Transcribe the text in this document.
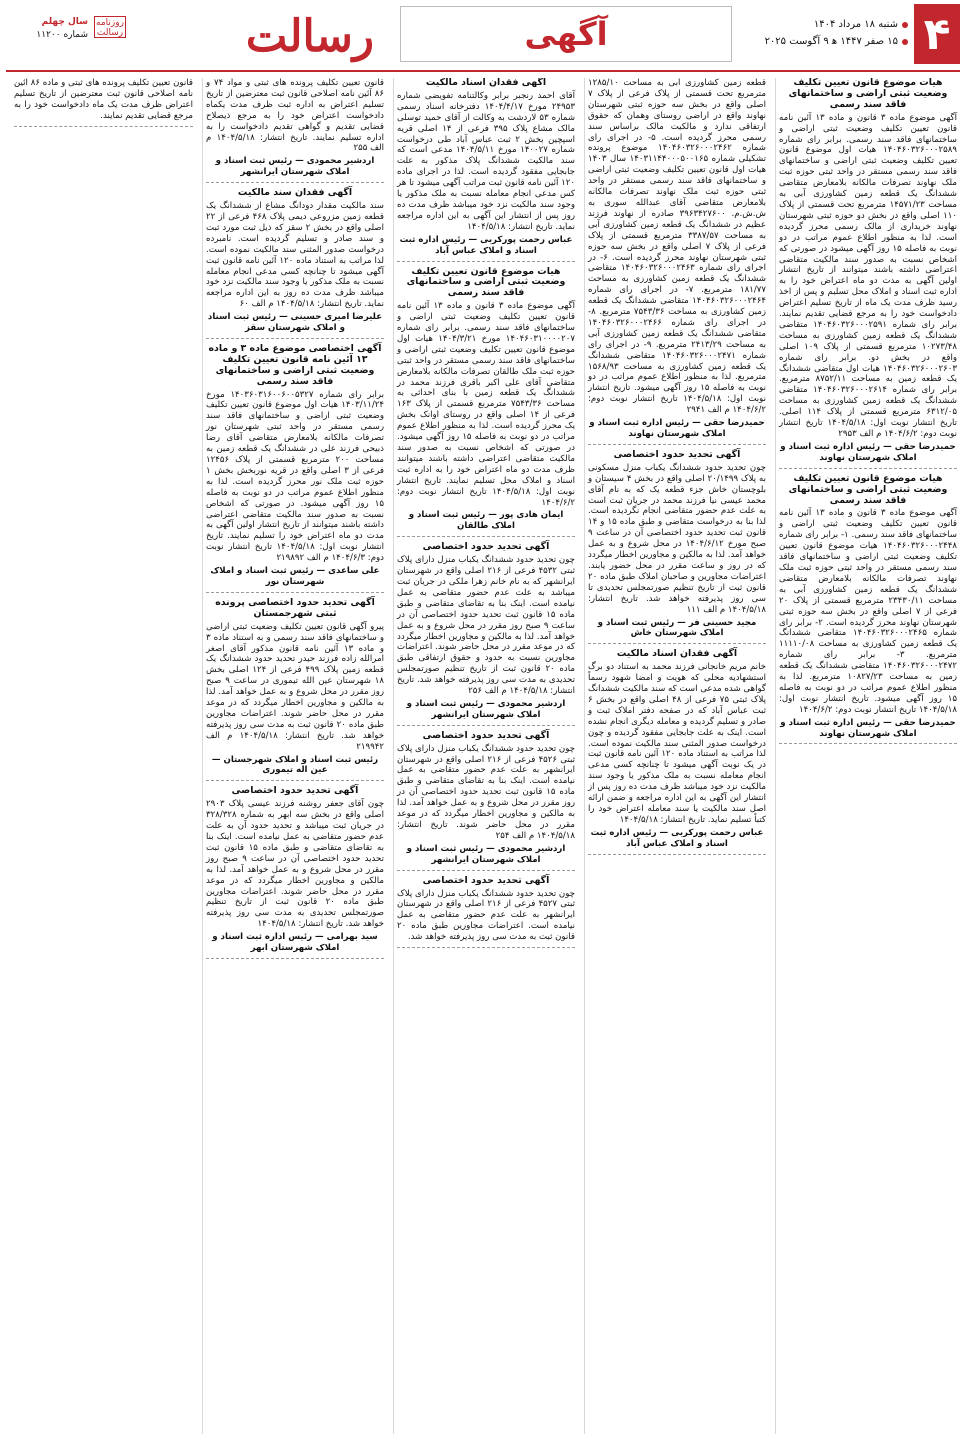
روزنامه رسالت
سال چهلم
شماره ۱۱۲۰۰	رسالت	آگهی	شنبه ۱۸ مرداد ۱۴۰۴
۱۵ صفر ۱۴۴۷ ﻫ ۹ آگوست ۲۰۲۵ ۴
هیات موضوع قانون تعیین تکلیف وضعیت ثبتی اراضی و ساختمانهای فاقد سند رسمی

آگهی موضوع ماده ۳ قانون و ماده ۱۳ آئین نامه قانون تعیین تکلیف وضعیت ثبتی اراضی و ساختمانهای فاقد سند رسمی. برابر رای شماره ۱۴۰۴۶۰۳۲۶۰۰۰۲۵۸۹ هیات اول موضوع قانون تعیین تکلیف وضعیت ثبتی اراضی و ساختمانهای فاقد سند رسمی مستقر در واحد ثبتی حوزه ثبت ملک نهاوند تصرفات مالکانه بلامعارض متقاضی ششدانگ یک قطعه زمین کشاورزی آبی به مساحت ۱۴۵۷۱/۲۳ مترمربع تحت قسمتی از پلاک ۱۱۰ اصلی واقع در بخش دو حوزه ثبتی شهرستان نهاوند خریداری از مالک رسمی محرز گردیده است. لذا به منظور اطلاع عموم مراتب در دو نوبت به فاصله ۱۵ روز آگهی میشود در صورتی که اشخاص نسبت به صدور سند مالکیت متقاضی اعتراضی داشته باشند میتوانند از تاریخ انتشار اولین آگهی به مدت دو ماه اعتراض خود را به اداره ثبت اسناد و املاک محل تسلیم و پس از اخذ رسید ظرف مدت یک ماه از تاریخ تسلیم اعتراض دادخواست خود را به مرجع قضایی تقدیم نمایند. برابر رای شماره ۱۴۰۴۶۰۳۲۶۰۰۰۲۵۹۱ متقاضی ششدانگ یک قطعه زمین کشاورزی به مساحت ۱۰۲۷۳/۴۸ مترمربع قسمتی از پلاک ۱۰۹ اصلی واقع در بخش دو. برابر رای شماره ۱۴۰۴۶۰۳۲۶۰۰۰۲۶۰۳ هیات اول متقاضی ششدانگ یک قطعه زمین به مساحت ۸۷۵۲/۱۱ مترمربع. برابر رای شماره ۱۴۰۴۶۰۳۲۶۰۰۰۲۶۱۴ متقاضی ششدانگ یک قطعه زمین کشاورزی به مساحت ۶۳۱۲/۰۵ مترمربع قسمتی از پلاک ۱۱۴ اصلی. تاریخ انتشار نوبت اول: ۱۴۰۴/۵/۱۸ تاریخ انتشار نوبت دوم: ۱۴۰۴/۶/۲ م الف ۲۹۵۳

حمیدرضا حقی — رئیس اداره ثبت اسناد و املاک شهرستان نهاوند
هیات موضوع قانون تعیین تکلیف وضعیت ثبتی اراضی و ساختمانهای فاقد سند رسمی

آگهی موضوع ماده ۳ قانون و ماده ۱۳ آئین نامه قانون تعیین تکلیف وضعیت ثبتی اراضی و ساختمانهای فاقد سند رسمی. ۱- برابر رای شماره ۱۴۰۴۶۰۳۲۶۰۰۰۲۴۴۸ هیات موضوع قانون تعیین تکلیف وضعیت ثبتی اراضی و ساختمانهای فاقد سند رسمی مستقر در واحد ثبتی حوزه ثبت ملک نهاوند تصرفات مالکانه بلامعارض متقاضی ششدانگ یک قطعه زمین کشاورزی آبی به مساحت ۲۳۴۳۰/۱۱ مترمربع قسمتی از پلاک ۲۰ فرعی از ۷ اصلی واقع در بخش سه حوزه ثبتی شهرستان نهاوند محرز گردیده است. ۲- برابر رای شماره ۱۴۰۴۶۰۳۲۶۰۰۰۲۴۶۵ متقاضی ششدانگ یک قطعه زمین کشاورزی به مساحت ۱۱۱۱۰/۰۸ مترمربع. ۳- برابر رای شماره ۱۴۰۴۶۰۳۲۶۰۰۰۲۴۷۲ متقاضی ششدانگ یک قطعه زمین به مساحت ۱۰۸۲۷/۲۳ مترمربع. لذا به منظور اطلاع عموم مراتب در دو نوبت به فاصله ۱۵ روز آگهی میشود. تاریخ انتشار نوبت اول: ۱۴۰۴/۵/۱۸ تاریخ انتشار نوبت دوم: ۱۴۰۴/۶/۲

حمیدرضا حقی — رئیس اداره ثبت اسناد و املاک شهرستان نهاوند

قطعه زمین کشاورزی آبی به مساحت ۱۲۸۵/۱۰ مترمربع تحت قسمتی از پلاک فرعی از پلاک ۷ اصلی واقع در بخش سه حوزه ثبتی شهرستان نهاوند واقع در اراضی روستای وهمان که حقوق ارتفاقی ندارد و مالکیت مالک براساس سند رسمی محرز گردیده است. ۵- در اجرای رای شماره ۱۴۰۴۶۰۳۲۶۰۰۰۲۴۶۲ موضوع پرونده تشکیلی شماره ۱۴۰۳۱۱۴۴۰۰۰۵۰۰۱۶۵ سال ۱۴۰۳ هیات اول قانون تعیین تکلیف وضعیت ثبتی اراضی و ساختمانهای فاقد سند رسمی مستقر در واحد ثبتی حوزه ثبت ملک نهاوند تصرفات مالکانه بلامعارض متقاضی آقای عبدالله سوری به ش.ش.م. ۳۹۶۳۴۲۷۶۰۰ صادره از نهاوند فرزند عظیم در ششدانگ یک قطعه زمین کشاورزی آبی به مساحت ۳۳۸۷/۵۷ مترمربع قسمتی از پلاک فرعی از پلاک ۷ اصلی واقع در بخش سه حوزه ثبتی شهرستان نهاوند محرز گردیده است. ۶- در اجرای رای شماره ۱۴۰۴۶۰۳۲۶۰۰۰۲۴۶۳ متقاضی ششدانگ یک قطعه زمین کشاورزی به مساحت ۱۸۱/۷۷ مترمربع. ۷- در اجرای رای شماره ۱۴۰۴۶۰۳۲۶۰۰۰۲۴۶۴ متقاضی ششدانگ یک قطعه زمین کشاورزی به مساحت ۷۵۴۳/۳۶ مترمربع. ۸- در اجرای رای شماره ۱۴۰۴۶۰۳۲۶۰۰۰۲۴۶۶ متقاضی ششدانگ یک قطعه زمین کشاورزی آبی به مساحت ۲۴۱۳/۲۹ مترمربع. ۹- در اجرای رای شماره ۱۴۰۴۶۰۳۲۶۰۰۰۲۴۷۱ متقاضی ششدانگ یک قطعه زمین کشاورزی به مساحت ۱۵۶۸/۹۳ مترمربع. لذا به منظور اطلاع عموم مراتب در دو نوبت به فاصله ۱۵ روز آگهی میشود. تاریخ انتشار نوبت اول: ۱۴۰۴/۵/۱۸ تاریخ انتشار نوبت دوم: ۱۴۰۴/۶/۲ م الف ۲۹۴۱

حمیدرضا حقی — رئیس اداره ثبت اسناد و املاک شهرستان نهاوند
آگهی تحدید حدود اختصاصی

چون تحدید حدود ششدانگ یکباب منزل مسکونی به پلاک ۲۰/۱۴۹۹ اصلی واقع در بخش ۴ سیستان و بلوچستان خاش جزء قطعه یک که به نام آقای محمد عیسی نیا فرزند محمد در جریان ثبت است به علت عدم حضور متقاضی انجام نگردیده است. لذا بنا به درخواست متقاضی و طبق ماده ۱۵ و ۱۴ قانون ثبت تحدید حدود اختصاصی آن در ساعت ۹ صبح مورخ ۱۴۰۴/۶/۱۲ در محل شروع و به عمل خواهد آمد. لذا به مالکین و مجاورین اخطار میگردد که در روز و ساعت مقرر در محل حضور یابند. اعتراضات مجاورین و صاحبان املاک طبق ماده ۲۰ قانون ثبت از تاریخ تنظیم صورتمجلس تحدیدی تا سی روز پذیرفته خواهد شد. تاریخ انتشار: ۱۴۰۴/۵/۱۸ م الف ۱۱۱

مجید حسینی فر — رئیس ثبت اسناد و املاک شهرستان خاش
آگهی فقدان اسناد مالکیت

خانم مریم خانجانی فرزند محمد به استناد دو برگ استشهادیه محلی که هویت و امضا شهود رسماً گواهی شده مدعی است که سند مالکیت ششدانگ پلاک ثبتی ۷۵ فرعی از ۴۸ اصلی واقع در بخش ۶ ثبت عباس آباد که در صفحه دفتر املاک ثبت و صادر و تسلیم گردیده و معامله دیگری انجام نشده است. اینک به علت جابجایی مفقود گردیده و چون درخواست صدور المثنی سند مالکیت نموده است. لذا مراتب به استناد ماده ۱۲۰ آئین نامه قانون ثبت در یک نوبت آگهی میشود تا چنانچه کسی مدعی انجام معامله نسبت به ملک مذکور یا وجود سند مالکیت نزد خود میباشد ظرف مدت ده روز پس از انتشار این آگهی به این اداره مراجعه و ضمن ارائه اصل سند مالکیت یا سند معامله اعتراض خود را کتباً تسلیم نماید. تاریخ انتشار: ۱۴۰۴/۵/۱۸

عباس رحمت پورکربی — رئیس اداره ثبت اسناد و املاک عباس آباد
آگهی فقدان اسناد مالکیت

آقای احمد رنجبر برابر وکالتنامه تفویضی شماره ۲۴۹۵۳ مورخ ۱۴۰۴/۴/۱۷ دفترخانه اسناد رسمی شماره ۵۳ لاردشت به وکالت از آقای حمید توسلی مالک مشاع پلاک ۳۹۵ فرعی از ۱۴ اصلی قریه اسپچین بخش ۲ ثبت عباس آباد طی درخواست شماره ۱۴۰۰۲۷ مورخ ۱۴۰۴/۵/۱۱ مدعی است که سند مالکیت ششدانگ پلاک مذکور به علت جابجایی مفقود گردیده است. لذا در اجرای ماده ۱۲۰ آئین نامه قانون ثبت مراتب آگهی میشود تا هر کس مدعی انجام معامله نسبت به ملک مذکور یا وجود سند مالکیت نزد خود میباشد ظرف مدت ده روز پس از انتشار این آگهی به این اداره مراجعه نماید. تاریخ انتشار: ۱۴۰۴/۵/۱۸

عباس رحمت پورکربی — رئیس اداره ثبت اسناد و املاک عباس آباد
هیات موضوع قانون تعیین تکلیف وضعیت ثبتی اراضی و ساختمانهای فاقد سند رسمی

آگهی موضوع ماده ۳ قانون و ماده ۱۳ آئین نامه قانون تعیین تکلیف وضعیت ثبتی اراضی و ساختمانهای فاقد سند رسمی. برابر رای شماره ۱۴۰۴۶۰۳۱۰۰۰۰۲۰۷ مورخ ۱۴۰۴/۳/۲۱ هیات اول موضوع قانون تعیین تکلیف وضعیت ثبتی اراضی و ساختمانهای فاقد سند رسمی مستقر در واحد ثبتی حوزه ثبت ملک طالقان تصرفات مالکانه بلامعارض متقاضی آقای علی اکبر باقری فرزند محمد در ششدانگ یک قطعه زمین با بنای احداثی به مساحت ۷۵۴۳/۳۶ مترمربع قسمتی از پلاک ۱۶۳ فرعی از ۱۴ اصلی واقع در روستای اوانک بخش یک محرز گردیده است. لذا به منظور اطلاع عموم مراتب در دو نوبت به فاصله ۱۵ روز آگهی میشود. در صورتی که اشخاص نسبت به صدور سند مالکیت متقاضی اعتراضی داشته باشند میتوانند ظرف مدت دو ماه اعتراض خود را به اداره ثبت اسناد و املاک محل تسلیم نمایند. تاریخ انتشار نوبت اول: ۱۴۰۴/۵/۱۸ تاریخ انتشار نوبت دوم: ۱۴۰۴/۶/۲

ایمان هادی پور — رئیس ثبت اسناد و املاک طالقان
آگهی تحدید حدود اختصاصی

چون تحدید حدود ششدانگ یکباب منزل دارای پلاک ثبتی ۴۵۳۲ فرعی از ۲۱۶ اصلی واقع در شهرستان ایرانشهر که به نام خانم زهرا ملکی در جریان ثبت میباشد به علت عدم حضور متقاضی به عمل نیامده است. اینک بنا به تقاضای متقاضی و طبق ماده ۱۵ قانون ثبت تحدید حدود اختصاصی آن در ساعت ۹ صبح روز مقرر در محل شروع و به عمل خواهد آمد. لذا به مالکین و مجاورین اخطار میگردد که در موعد مقرر در محل حاضر شوند. اعتراضات مجاورین نسبت به حدود و حقوق ارتفاقی طبق ماده ۲۰ قانون ثبت از تاریخ تنظیم صورتمجلس تحدیدی به مدت سی روز پذیرفته خواهد شد. تاریخ انتشار: ۱۴۰۴/۵/۱۸ م الف ۲۵۶

اردشیر محمودی — رئیس ثبت اسناد و املاک شهرستان ایرانشهر
آگهی تحدید حدود اختصاصی

چون تحدید حدود ششدانگ یکباب منزل دارای پلاک ثبتی ۴۵۲۶ فرعی از ۲۱۶ اصلی واقع در شهرستان ایرانشهر به علت عدم حضور متقاضی به عمل نیامده است. اینک بنا به تقاضای متقاضی و طبق ماده ۱۵ قانون ثبت تحدید حدود اختصاصی آن در روز مقرر در محل شروع و به عمل خواهد آمد. لذا به مالکین و مجاورین اخطار میگردد که در موعد مقرر در محل حاضر شوند. تاریخ انتشار: ۱۴۰۴/۵/۱۸ م الف ۲۵۴

اردشیر محمودی — رئیس ثبت اسناد و املاک شهرستان ایرانشهر
آگهی تحدید حدود اختصاصی

چون تحدید حدود ششدانگ یکباب منزل دارای پلاک ثبتی ۴۵۲۷ فرعی از ۲۱۶ اصلی واقع در شهرستان ایرانشهر به علت عدم حضور متقاضی به عمل نیامده است. اعتراضات مجاورین طبق ماده ۲۰ قانون ثبت به مدت سی روز پذیرفته خواهد شد.

قانون تعیین تکلیف پرونده های ثبتی و مواد ۷۴ و ۸۶ آئین نامه اصلاحی قانون ثبت معترضین از تاریخ تسلیم اعتراض به اداره ثبت ظرف مدت یکماه دادخواست اعتراض خود را به مرجع ذیصلاح قضایی تقدیم و گواهی تقدیم دادخواست را به اداره تسلیم نمایند. تاریخ انتشار: ۱۴۰۴/۵/۱۸ م الف ۲۵۵

اردشیر محمودی — رئیس ثبت اسناد و املاک شهرستان ایرانشهر
آگهی فقدان سند مالکیت

سند مالکیت مقدار دودانگ مشاع از ششدانگ یک قطعه زمین مزروعی دیمی پلاک ۴۶۸ فرعی از ۲۲ اصلی واقع در بخش ۲ سقز که ذیل ثبت مورد ثبت و سند صادر و تسلیم گردیده است. نامبرده درخواست صدور المثنی سند مالکیت نموده است. لذا مراتب به استناد ماده ۱۲۰ آئین نامه قانون ثبت آگهی میشود تا چنانچه کسی مدعی انجام معامله نسبت به ملک مذکور یا وجود سند مالکیت نزد خود میباشد ظرف مدت ده روز به این اداره مراجعه نماید. تاریخ انتشار: ۱۴۰۴/۵/۱۸ م الف ۶۰

علیرضا امیری حسینی — رئیس ثبت اسناد و املاک شهرستان سقز
آگهی اختصاصی موضوع ماده ۳ و ماده ۱۳ آئین نامه قانون تعیین تکلیف وضعیت ثبتی اراضی و ساختمانهای فاقد سند رسمی

برابر رای شماره ۱۴۰۳۶۰۳۱۶۰۰۶۰۰۵۳۲۷ مورخ ۱۴۰۳/۱۱/۲۴ هیات اول موضوع قانون تعیین تکلیف وضعیت ثبتی اراضی و ساختمانهای فاقد سند رسمی مستقر در واحد ثبتی شهرستان نور تصرفات مالکانه بلامعارض متقاضی آقای رضا ذبیحی فرزند علی در ششدانگ یک قطعه زمین به مساحت ۲۰۰ مترمربع قسمتی از پلاک ۱۲۴۵۶ فرعی از ۳ اصلی واقع در قریه نوربخش بخش ۱ حوزه ثبت ملک نور محرز گردیده است. لذا به منظور اطلاع عموم مراتب در دو نوبت به فاصله ۱۵ روز آگهی میشود. در صورتی که اشخاص نسبت به صدور سند مالکیت متقاضی اعتراضی داشته باشند میتوانند از تاریخ انتشار اولین آگهی به مدت دو ماه اعتراض خود را تسلیم نمایند. تاریخ انتشار نوبت اول: ۱۴۰۴/۵/۱۸ تاریخ انتشار نوبت دوم: ۱۴۰۴/۶/۳ م الف ۲۱۹۸۹۲

علی ساعدی — رئیس ثبت اسناد و املاک شهرستان نور
آگهی تحدید حدود اختصاصی پرونده ثبتی شهرجمستان

پیرو آگهی قانون تعیین تکلیف وضعیت ثبتی اراضی و ساختمانهای فاقد سند رسمی و به استناد ماده ۳ و ماده ۱۳ آئین نامه قانون مذکور آقای اصغر امرالله زاده فرزند حیدر تحدید حدود ششدانگ یک قطعه زمین پلاک ۴۹۹ فرعی از ۱۲۴ اصلی بخش ۱۸ شهرستان عین الله تیموری در ساعت ۹ صبح روز مقرر در محل شروع و به عمل خواهد آمد. لذا به مالکین و مجاورین اخطار میگردد که در موعد مقرر در محل حاضر شوند. اعتراضات مجاورین طبق ماده ۲۰ قانون ثبت به مدت سی روز پذیرفته خواهد شد. تاریخ انتشار: ۱۴۰۴/۵/۱۸ م الف ۲۱۹۹۴۲

رئیس ثبت اسناد و املاک شهرجستان — عین اله تیموری
آگهی تحدید حدود اختصاصی

چون آقای جعفر روشنه فرزند عیسی پلاک ۲۹۰۳ اصلی واقع در بخش سه ابهر به شماره ۳۲۸/۳۲۸ در جریان ثبت میباشد و تحدید حدود آن به علت عدم حضور متقاضی به عمل نیامده است. اینک بنا به تقاضای متقاضی و طبق ماده ۱۵ قانون ثبت تحدید حدود اختصاصی آن در ساعت ۹ صبح روز مقرر در محل شروع و به عمل خواهد آمد. لذا به مالکین و مجاورین اخطار میگردد که در موعد مقرر در محل حاضر شوند. اعتراضات مجاورین طبق ماده ۲۰ قانون ثبت از تاریخ تنظیم صورتمجلس تحدیدی به مدت سی روز پذیرفته خواهد شد. تاریخ انتشار: ۱۴۰۴/۵/۱۸

سید بهرامی — رئیس اداره ثبت اسناد و املاک شهرستان ابهر

قانون تعیین تکلیف پرونده های ثبتی و ماده ۸۶ آئین نامه اصلاحی قانون ثبت معترضین از تاریخ تسلیم اعتراض ظرف مدت یک ماه دادخواست خود را به مرجع قضایی تقدیم نمایند.
